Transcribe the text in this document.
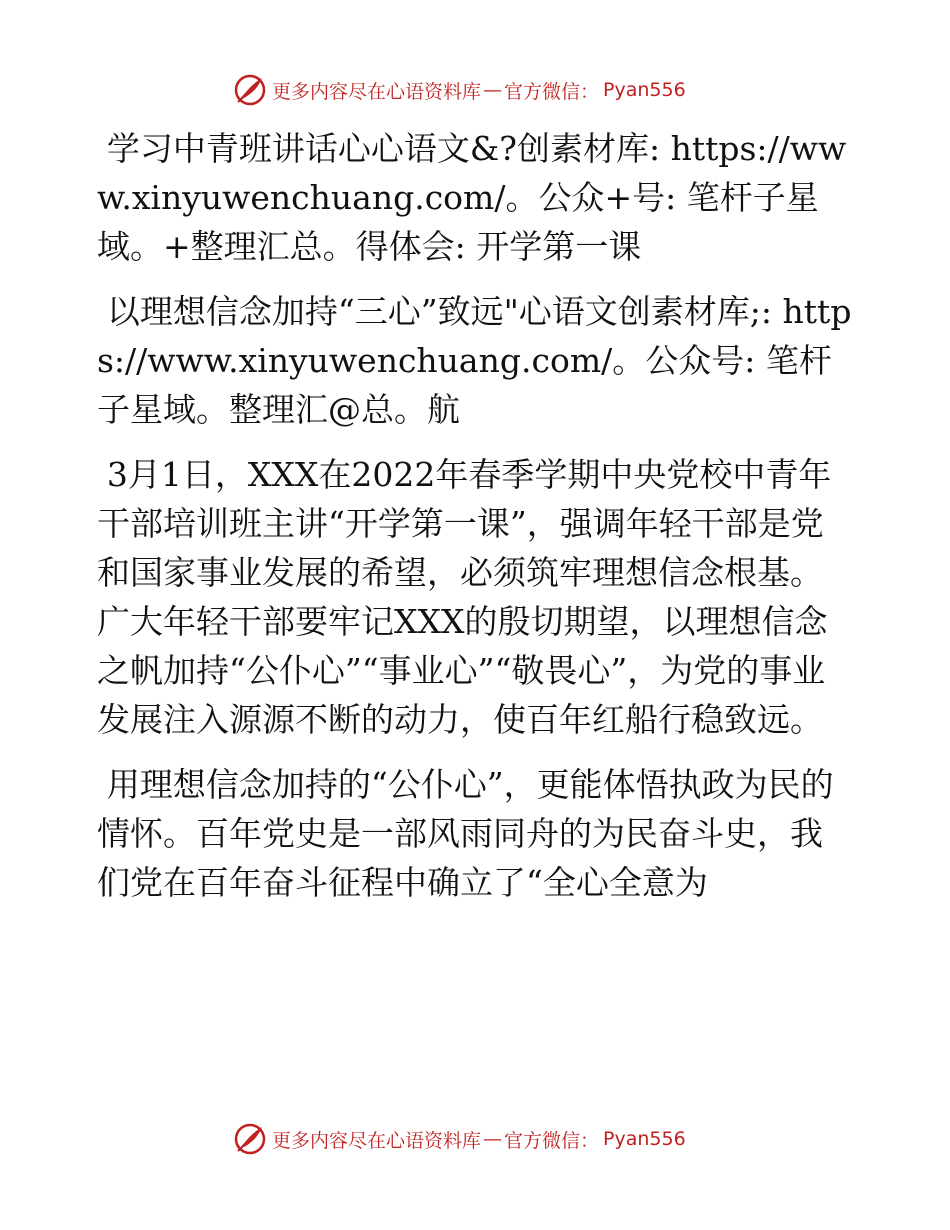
更多内容尽在心语资料库 — 官方微信： Pyan556

学习中青班讲话心心语文&?创素材库: https://www.xinyuwenchuang.com/。公众+号: 笔杆子星域。+整理汇总。得体会: 开学第一课

以理想信念加持“三心”致远"心语文创素材库;: https://www.xinyuwenchuang.com/。公众号: 笔杆子星域。整理汇@总。航

3月1日，XXX在2022年春季学期中央党校中青年干部培训班主讲“开学第一课”，强调年轻干部是党和国家事业发展的希望，必须筑牢理想信念根基。广大年轻干部要牢记XXX的殷切期望，以理想信念之帆加持“公仆心”“事业心”“敬畏心”，为党的事业发展注入源源不断的动力，使百年红船行稳致远。

用理想信念加持的“公仆心”，更能体悟执政为民的情怀。百年党史是一部风雨同舟的为民奋斗史，我们党在百年奋斗征程中确立了“全心全意为

更多内容尽在心语资料库 — 官方微信： Pyan556
